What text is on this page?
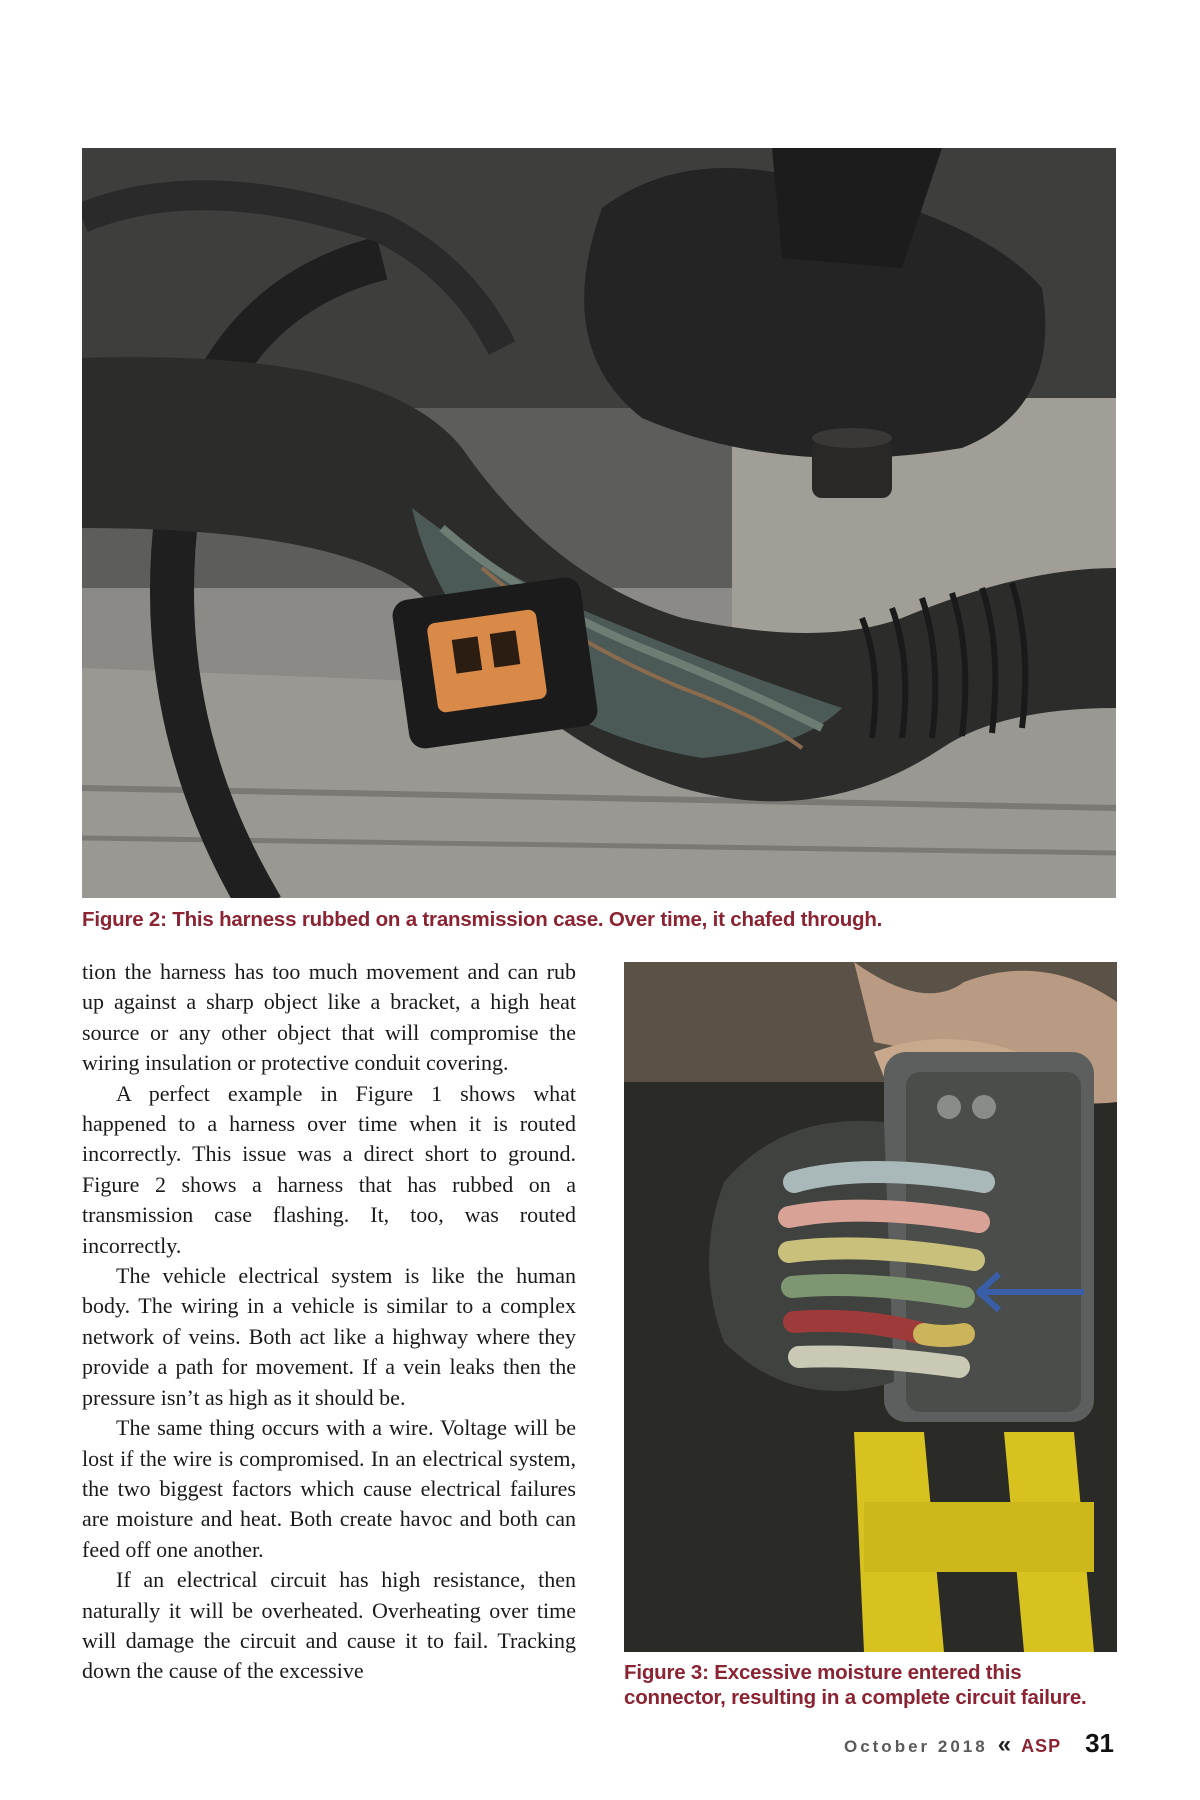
Figure 2: This harness rubbed on a transmission case. Over time, it chafed through.

tion the harness has too much movement and can rub up against a sharp object like a bracket, a high heat source or any other object that will compromise the wiring insulation or protective conduit covering.

A perfect example in Figure 1 shows what happened to a harness over time when it is routed incorrectly. This issue was a direct short to ground. Figure 2 shows a harness that has rubbed on a transmission case flashing. It, too, was routed incorrectly.

The vehicle electrical system is like the human body. The wiring in a vehicle is similar to a complex network of veins. Both act like a highway where they provide a path for movement. If a vein leaks then the pressure isn’t as high as it should be.

The same thing occurs with a wire. Voltage will be lost if the wire is compromised. In an electrical system, the two biggest factors which cause electrical failures are moisture and heat. Both create havoc and both can feed off one another.

If an electrical circuit has high resistance, then naturally it will be overheated. Overheating over time will damage the circuit and cause it to fail. Tracking down the cause of the excessive	Figure 3: Excessive moisture entered this connector, resulting in a complete circuit failure.
October 2018 « ASP 31
